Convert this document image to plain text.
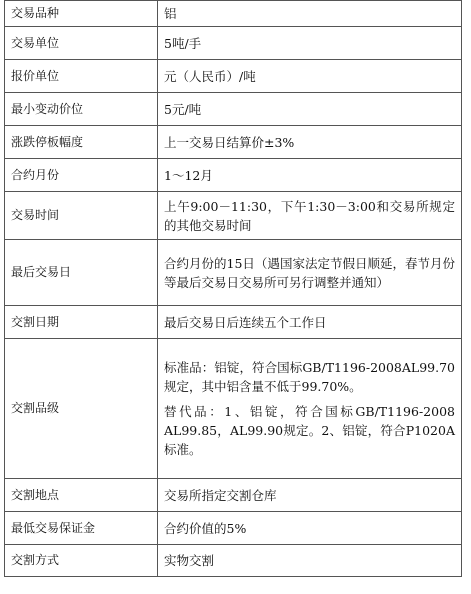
交易品种	铝
交易单位	5吨/手
报价单位	元（人民币）/吨
最小变动价位	5元/吨
涨跌停板幅度	上一交易日结算价±3%
合约月份	1～12月
交易时间	上午9:00－11:30，下午1:30－3:00和交易所规定的其他交易时间
最后交易日	合约月份的15日（遇国家法定节假日顺延，春节月份等最后交易日交易所可另行调整并通知）
交割日期	最后交易日后连续五个工作日
交割品级	标准品：铝锭，符合国标GB/T1196-2008AL99.70规定，其中铝含量不低于99.70%。

替代品：1、铝锭，符合国标GB/T1196-2008 AL99.85，AL99.90规定。2、铝锭，符合P1020A标准。

交割地点	交易所指定交割仓库
最低交易保证金	合约价值的5%
交割方式	实物交割
